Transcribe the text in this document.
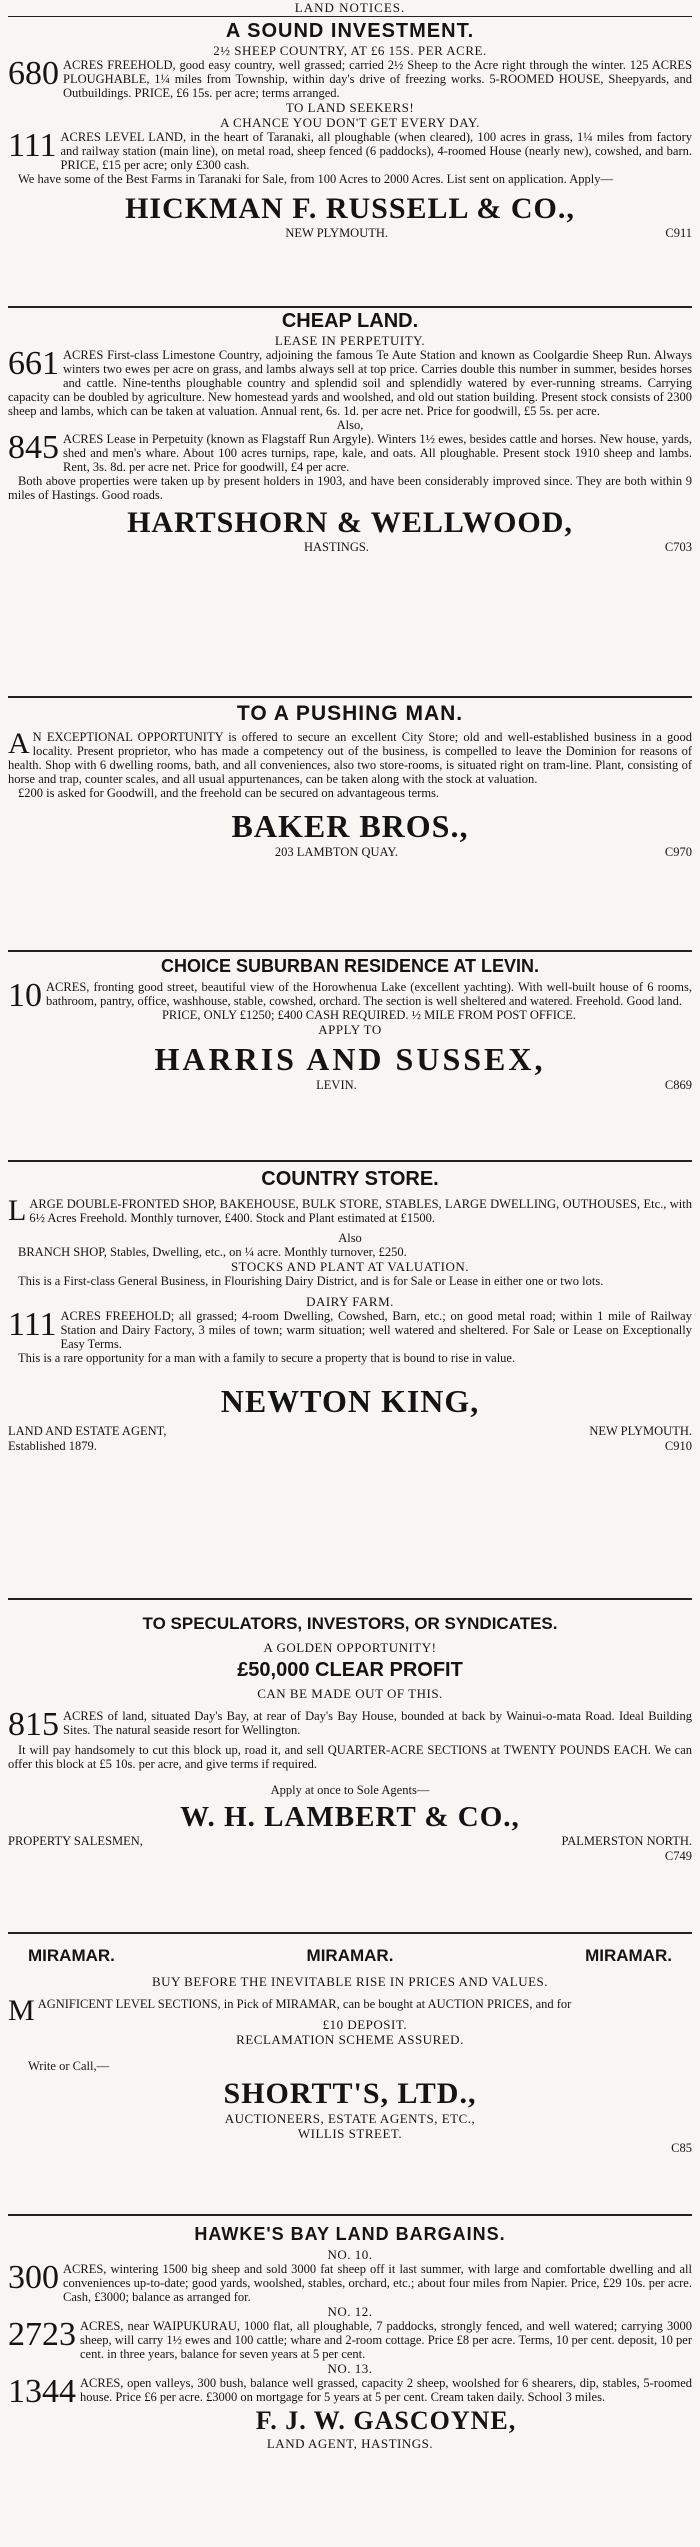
LAND NOTICES.
A SOUND INVESTMENT.
2½ SHEEP COUNTRY, AT £6 15S. PER ACRE.

680 ACRES FREEHOLD, good easy country, well grassed; carried 2½ Sheep to the Acre right through the winter. 125 ACRES PLOUGHABLE, 1¼ miles from Township, within day's drive of freezing works. 5-ROOMED HOUSE, Sheepyards, and Outbuildings. PRICE, £6 15s. per acre; terms arranged.

TO LAND SEEKERS!
A CHANCE YOU DON'T GET EVERY DAY.

111 ACRES LEVEL LAND, in the heart of Taranaki, all ploughable (when cleared), 100 acres in grass, 1¼ miles from factory and railway station (main line), on metal road, sheep fenced (6 paddocks), 4-roomed House (nearly new), cowshed, and barn. PRICE, £15 per acre; only £300 cash.

We have some of the Best Farms in Taranaki for Sale, from 100 Acres to 2000 Acres. List sent on application. Apply—

HICKMAN F. RUSSELL & CO.,
NEW PLYMOUTH.	C911
CHEAP LAND.
LEASE IN PERPETUITY.

661 ACRES First-class Limestone Country, adjoining the famous Te Aute Station and known as Coolgardie Sheep Run. Always winters two ewes per acre on grass, and lambs always sell at top price. Carries double this number in summer, besides horses and cattle. Nine-tenths ploughable country and splendid soil and splendidly watered by ever-running streams. Carrying capacity can be doubled by agriculture. New homestead yards and woolshed, and old out station building. Present stock consists of 2300 sheep and lambs, which can be taken at valuation. Annual rent, 6s. 1d. per acre net. Price for goodwill, £5 5s. per acre.

Also,

845 ACRES Lease in Perpetuity (known as Flagstaff Run Argyle). Winters 1½ ewes, besides cattle and horses. New house, yards, shed and men's whare. About 100 acres turnips, rape, kale, and oats. All ploughable. Present stock 1910 sheep and lambs. Rent, 3s. 8d. per acre net. Price for goodwill, £4 per acre.

Both above properties were taken up by present holders in 1903, and have been considerably improved since. They are both within 9 miles of Hastings. Good roads.

HARTSHORN & WELLWOOD,
HASTINGS.	C703
TO A PUSHING MAN.

A N EXCEPTIONAL OPPORTUNITY is offered to secure an excellent City Store; old and well-established business in a good locality. Present proprietor, who has made a competency out of the business, is compelled to leave the Dominion for reasons of health. Shop with 6 dwelling rooms, bath, and all conveniences, also two store-rooms, is situated right on tram-line. Plant, consisting of horse and trap, counter scales, and all usual appurtenances, can be taken along with the stock at valuation.

£200 is asked for Goodwill, and the freehold can be secured on advantageous terms.

BAKER BROS.,
203 LAMBTON QUAY.	C970
CHOICE SUBURBAN RESIDENCE AT LEVIN.

10 ACRES, fronting good street, beautiful view of the Horowhenua Lake (excellent yachting). With well-built house of 6 rooms, bathroom, pantry, office, washhouse, stable, cowshed, orchard. The section is well sheltered and watered. Freehold. Good land.

PRICE, ONLY £1250; £400 CASH REQUIRED. ½ MILE FROM POST OFFICE.
APPLY TO
HARRIS AND SUSSEX,
LEVIN.	C869
COUNTRY STORE.

LARGE DOUBLE-FRONTED SHOP, BAKEHOUSE, BULK STORE, STABLES, LARGE DWELLING, OUTHOUSES, Etc., with 6½ Acres Freehold. Monthly turnover, £400. Stock and Plant estimated at £1500.

Also

BRANCH SHOP, Stables, Dwelling, etc., on ¼ acre. Monthly turnover, £250.

STOCKS AND PLANT AT VALUATION.

This is a First-class General Business, in Flourishing Dairy District, and is for Sale or Lease in either one or two lots.

DAIRY FARM.

111 ACRES FREEHOLD; all grassed; 4-room Dwelling, Cowshed, Barn, etc.; on good metal road; within 1 mile of Railway Station and Dairy Factory, 3 miles of town; warm situation; well watered and sheltered. For Sale or Lease on Exceptionally Easy Terms.

This is a rare opportunity for a man with a family to secure a property that is bound to rise in value.

NEWTON KING,
LAND AND ESTATE AGENT,	NEW PLYMOUTH.
Established 1879.	C910
TO SPECULATORS, INVESTORS, OR SYNDICATES.
A GOLDEN OPPORTUNITY!
£50,000 CLEAR PROFIT
CAN BE MADE OUT OF THIS.

815 ACRES of land, situated Day's Bay, at rear of Day's Bay House, bounded at back by Wainui-o-mata Road. Ideal Building Sites. The natural seaside resort for Wellington.

It will pay handsomely to cut this block up, road it, and sell QUARTER-ACRE SECTIONS at TWENTY POUNDS EACH. We can offer this block at £5 10s. per acre, and give terms if required.

Apply at once to Sole Agents—
W. H. LAMBERT & CO.,
PROPERTY SALESMEN,	PALMERSTON NORTH.
C749
MIRAMAR.	MIRAMAR.	MIRAMAR.
BUY BEFORE THE INEVITABLE RISE IN PRICES AND VALUES.

MAGNIFICENT LEVEL SECTIONS, in Pick of MIRAMAR, can be bought at AUCTION PRICES, and for

£10 DEPOSIT.
RECLAMATION SCHEME ASSURED.
Write or Call,—
SHORTT'S, LTD.,
AUCTIONEERS, ESTATE AGENTS, ETC.,
WILLIS STREET.
C85
HAWKE'S BAY LAND BARGAINS.
NO. 10.

300 ACRES, wintering 1500 big sheep and sold 3000 fat sheep off it last summer, with large and comfortable dwelling and all conveniences up-to-date; good yards, woolshed, stables, orchard, etc.; about four miles from Napier. Price, £29 10s. per acre. Cash, £3000; balance as arranged for.

NO. 12.

2723 ACRES, near WAIPUKURAU, 1000 flat, all ploughable, 7 paddocks, strongly fenced, and well watered; carrying 3000 sheep, will carry 1½ ewes and 100 cattle; whare and 2-room cottage. Price £8 per acre. Terms, 10 per cent. deposit, 10 per cent. in three years, balance for seven years at 5 per cent.

NO. 13.

1344 ACRES, open valleys, 300 bush, balance well grassed, capacity 2 sheep, woolshed for 6 shearers, dip, stables, 5-roomed house. Price £6 per acre. £3000 on mortgage for 5 years at 5 per cent. Cream taken daily. School 3 miles.

F. J. W. GASCOYNE,
LAND AGENT, HASTINGS.
